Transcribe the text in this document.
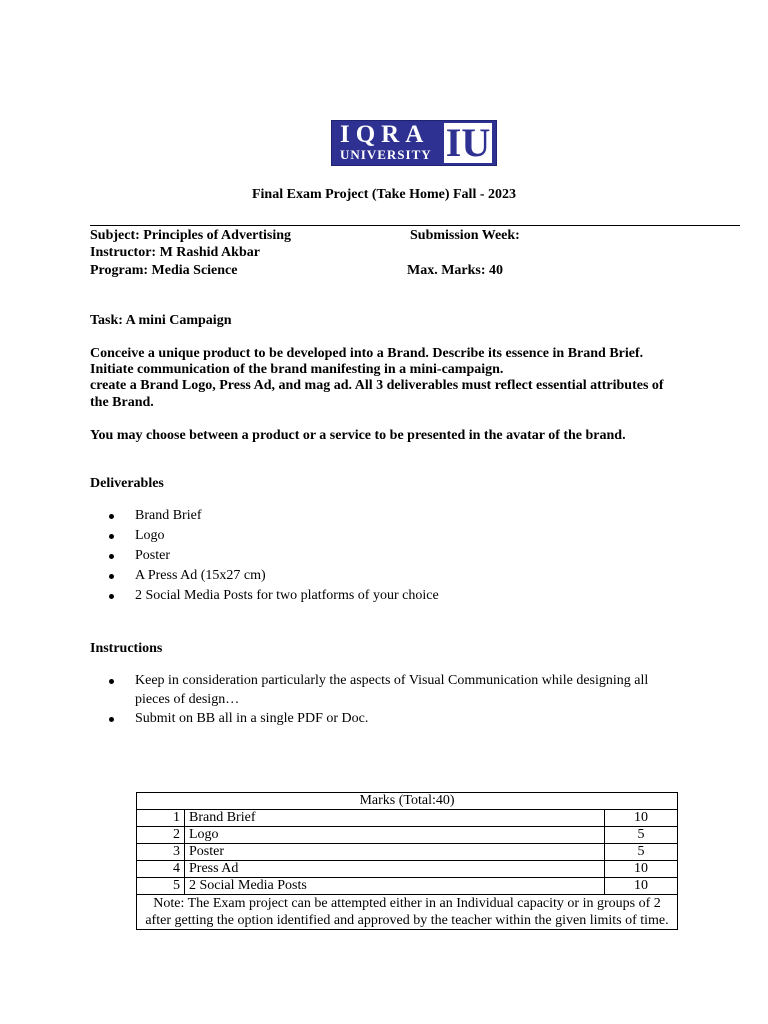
IQRA
UNIVERSITY IU
Final Exam Project (Take Home) Fall - 2023
Subject: Principles of Advertising	Submission Week:
Instructor: M Rashid Akbar
Program: Media Science	Max. Marks: 40
Task: A mini Campaign
Conceive a unique product to be developed into a Brand. Describe its essence in Brand Brief.
Initiate communication of the brand manifesting in a mini-campaign.
create a Brand Logo, Press Ad, and mag ad. All 3 deliverables must reflect essential attributes of
the Brand.
You may choose between a product or a service to be presented in the avatar of the brand.
Deliverables
Brand Brief
Logo
Poster
A Press Ad (15x27 cm)
2 Social Media Posts for two platforms of your choice
Instructions
Keep in consideration particularly the aspects of Visual Communication while designing all pieces of design…
Submit on BB all in a single PDF or Doc.
Marks (Total:40)		
1	Brand Brief	10
2	Logo	5
3	Poster	5
4	Press Ad	10
5	2 Social Media Posts	10
Note: The Exam project can be attempted either in an Individual capacity or in groups of 2 after getting the option identified and approved by the teacher within the given limits of time.		
